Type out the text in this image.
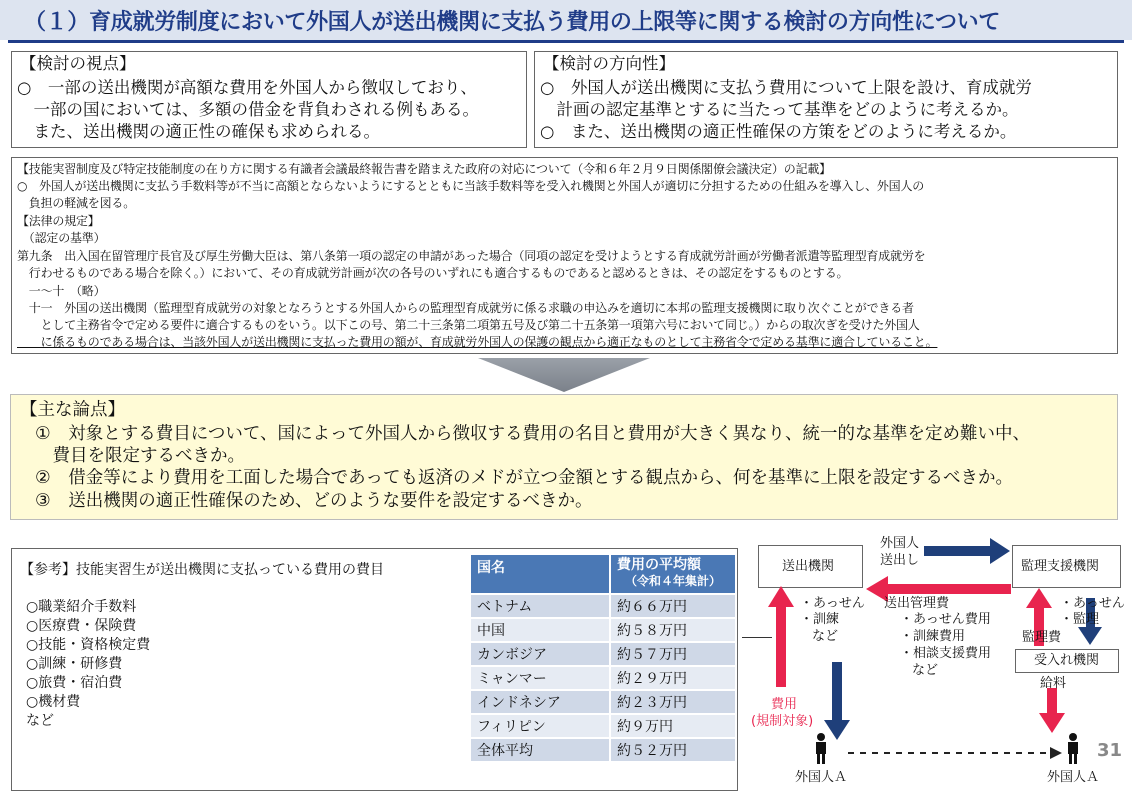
（１）育成就労制度において外国人が送出機関に支払う費用の上限等に関する検討の方向性について
【検討の視点】
○　一部の送出機関が高額な費用を外国人から徴収しており、
　一部の国においては、多額の借金を背負わされる例もある。
　また、送出機関の適正性の確保も求められる。
【検討の方向性】
○　外国人が送出機関に支払う費用について上限を設け、育成就労
　計画の認定基準とするに当たって基準をどのように考えるか。
○　また、送出機関の適正性確保の方策をどのように考えるか。
【技能実習制度及び特定技能制度の在り方に関する有識者会議最終報告書を踏まえた政府の対応について（令和６年２月９日関係閣僚会議決定）の記載】
○　外国人が送出機関に支払う手数料等が不当に高額とならないようにするとともに当該手数料等を受入れ機関と外国人が適切に分担するための仕組みを導入し、外国人の
　負担の軽減を図る。
【法律の規定】
　（認定の基準）
第九条　出入国在留管理庁長官及び厚生労働大臣は、第八条第一項の認定の申請があった場合（同項の認定を受けようとする育成就労計画が労働者派遣等監理型育成就労を
　行わせるものである場合を除く。）において、その育成就労計画が次の各号のいずれにも適合するものであると認めるときは、その認定をするものとする。
　一～十　（略）
　十一　外国の送出機関（監理型育成就労の対象となろうとする外国人からの監理型育成就労に係る求職の申込みを適切に本邦の監理支援機関に取り次ぐことができる者
　　として主務省令で定める要件に適合するものをいう。以下この号、第二十三条第二項第五号及び第二十五条第一項第六号において同じ。）からの取次ぎを受けた外国人
　　に係るものである場合は、当該外国人が送出機関に支払った費用の額が、育成就労外国人の保護の観点から適正なものとして主務省令で定める基準に適合していること。
【主な論点】
①　対象とする費目について、国によって外国人から徴収する費用の名目と費用が大きく異なり、統一的な基準を定め難い中、
　費目を限定するべきか。
②　借金等により費用を工面した場合であっても返済のメドが立つ金額とする観点から、何を基準に上限を設定するべきか。
③　送出機関の適正性確保のため、どのような要件を設定するべきか。
【参考】技能実習生が送出機関に支払っている費用の費目
○職業紹介手数料
○医療費・保険費
○技能・資格検定費
○訓練・研修費
○旅費・宿泊費
○機材費
など
国名	費用の平均額
（令和４年集計）
ベトナム	約６６万円
中国	約５８万円
カンボジア	約５７万円
ミャンマー	約２９万円
インドネシア	約２３万円
フィリピン	約９万円
全体平均	約５２万円
送出機関	監理支援機関
受入れ機関
外国人
送出し
送出管理費
・あっせん費用
・訓練費用
・相談支援費用
など
・あっせん
・訓練
など
・あっせん
・監理
監理費
給料
費用
(規制対象)
外国人Ａ	外国人Ａ
31
